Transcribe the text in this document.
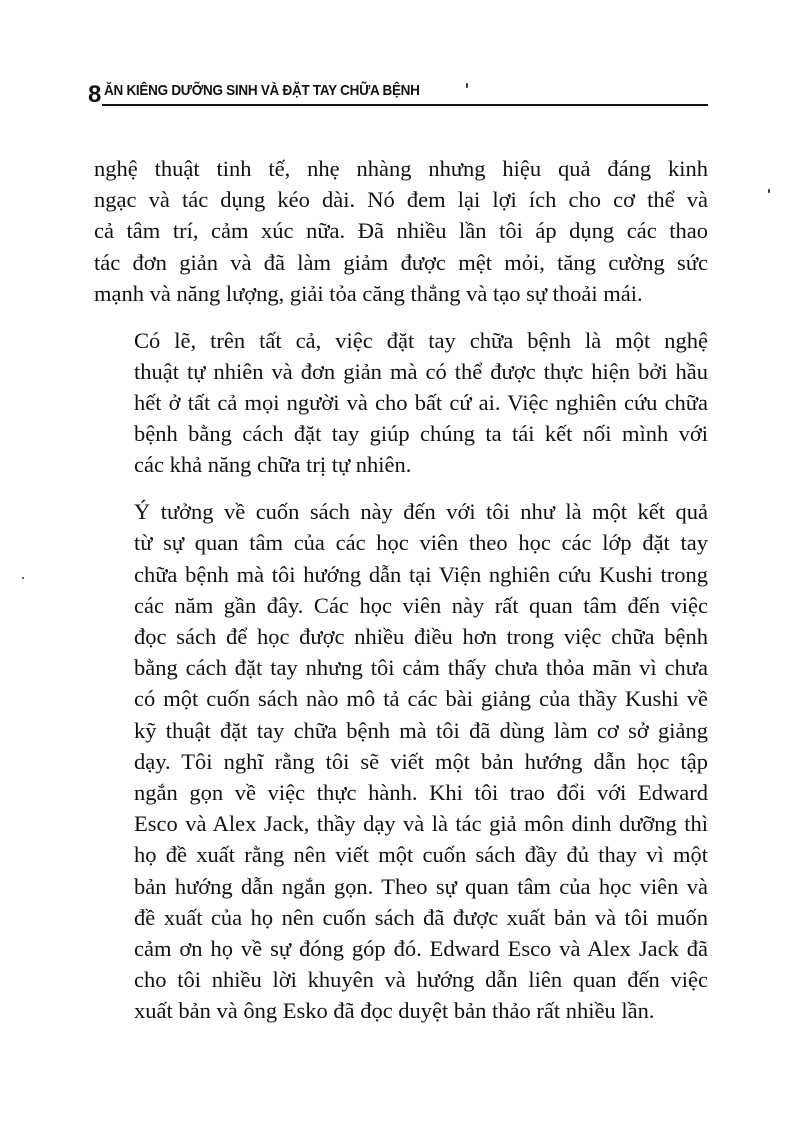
8 ĂN KIÊNG DƯỠNG SINH VÀ ĐẶT TAY CHỮA BỆNH

nghệ thuật tinh tế, nhẹ nhàng nhưng hiệu quả đáng kinh
ngạc và tác dụng kéo dài. Nó đem lại lợi ích cho cơ thể và
cả tâm trí, cảm xúc nữa. Đã nhiều lần tôi áp dụng các thao
tác đơn giản và đã làm giảm được mệt mỏi, tăng cường sức
mạnh và năng lượng, giải tỏa căng thẳng và tạo sự thoải mái.

Có lẽ, trên tất cả, việc đặt tay chữa bệnh là một nghệ
thuật tự nhiên và đơn giản mà có thể được thực hiện bởi hầu
hết ở tất cả mọi người và cho bất cứ ai. Việc nghiên cứu chữa
bệnh bằng cách đặt tay giúp chúng ta tái kết nối mình với
các khả năng chữa trị tự nhiên.

Ý tưởng về cuốn sách này đến với tôi như là một kết quả
từ sự quan tâm của các học viên theo học các lớp đặt tay
chữa bệnh mà tôi hướng dẫn tại Viện nghiên cứu Kushi trong
các năm gần đây. Các học viên này rất quan tâm đến việc
đọc sách để học được nhiều điều hơn trong việc chữa bệnh
bằng cách đặt tay nhưng tôi cảm thấy chưa thỏa mãn vì chưa
có một cuốn sách nào mô tả các bài giảng của thầy Kushi về
kỹ thuật đặt tay chữa bệnh mà tôi đã dùng làm cơ sở giảng
dạy. Tôi nghĩ rằng tôi sẽ viết một bản hướng dẫn học tập
ngắn gọn về việc thực hành. Khi tôi trao đổi với Edward
Esco và Alex Jack, thầy dạy và là tác giả môn dinh dưỡng thì
họ đề xuất rằng nên viết một cuốn sách đầy đủ thay vì một
bản hướng dẫn ngắn gọn. Theo sự quan tâm của học viên và
đề xuất của họ nên cuốn sách đã được xuất bản và tôi muốn
cảm ơn họ về sự đóng góp đó. Edward Esco và Alex Jack đã
cho tôi nhiều lời khuyên và hướng dẫn liên quan đến việc
xuất bản và ông Esko đã đọc duyệt bản thảo rất nhiều lần.
